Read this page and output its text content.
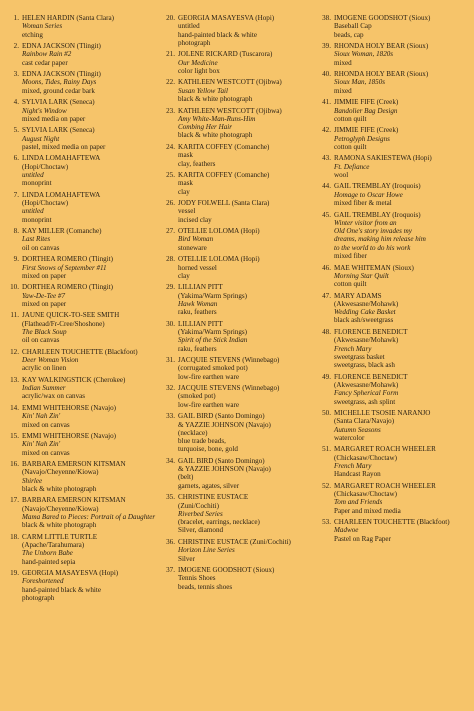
1. HELEN HARDIN (Santa Clara)
Woman Series
etching
2. EDNA JACKSON (Tlingit)
Rainbow Rain #2
cast cedar paper
3. EDNA JACKSON (Tlingit)
Moons, Tides, Rainy Days
mixed, ground cedar bark
4. SYLVIA LARK (Seneca)
Night's Window
mixed media on paper
5. SYLVIA LARK (Seneca)
August Night
pastel, mixed media on paper
6. LINDA LOMAHAFTEWA
(Hopi/Choctaw)
untitled
monoprint
7. LINDA LOMAHAFTEWA
(Hopi/Choctaw)
untitled
monoprint
8. KAY MILLER (Comanche)
Last Rites
oil on canvas
9. DORTHEA ROMERO (Tlingit)
First Snows of September #11
mixed on paper
10. DORTHEA ROMERO (Tlingit)
Yaw-De-Tee #7
mixed on paper
11. JAUNE QUICK-TO-SEE SMITH
(Flathead/Fr-Cree/Shoshone)
The Black Soup
oil on canvas
12. CHARLEEN TOUCHETTE (Blackfoot)
Deer Woman Vision
acrylic on linen
13. KAY WALKINGSTICK (Cherokee)
Indian Summer
acrylic/wax on canvas
14. EMMI WHITEHORSE (Navajo)
Kin' Nah Zin'
mixed on canvas
15. EMMI WHITEHORSE (Navajo)
Kin' Nah Zin'
mixed on canvas
16. BARBARA EMERSON KITSMAN
(Navajo/Cheyenne/Kiowa)
Shirlee
black & white photograph
17. BARBARA EMERSON KITSMAN
(Navajo/Cheyenne/Kiowa)
Mama Bared to Pieces: Portrait of a Daughter
black & white photograph
18. CARM LITTLE TURTLE
(Apache/Tarahumara)
The Unborn Babe
hand-painted sepia
19. GEORGIA MASAYESVA (Hopi)
Foreshortened
hand-painted black & white
photograph
20. GEORGIA MASAYESVA (Hopi)
untitled
hand-painted black & white
photograph
21. JOLENE RICKARD (Tuscarora)
Our Medicine
color light box
22. KATHLEEN WESTCOTT (Ojibwa)
Susan Yellow Tail
black & white photograph
23. KATHLEEN WESTCOTT (Ojibwa)
Amy White-Man-Runs-Him
Combing Her Hair
black & white photograph
24. KARITA COFFEY (Comanche)
mask
clay, feathers
25. KARITA COFFEY (Comanche)
mask
clay
26. JODY FOLWELL (Santa Clara)
vessel
incised clay
27. OTELLIE LOLOMA (Hopi)
Bird Woman
stoneware
28. OTELLIE LOLOMA (Hopi)
horned vessel
clay
29. LILLIAN PITT
(Yakima/Warm Springs)
Hawk Woman
raku, feathers
30. LILLIAN PITT
(Yakima/Warm Springs)
Spirit of the Stick Indian
raku, feathers
31. JACQUIE STEVENS (Winnebago)
(corrugated smoked pot)
low-fire earthen ware
32. JACQUIE STEVENS (Winnebago)
(smoked pot)
low-fire earthen ware
33. GAIL BIRD (Santo Domingo)
& YAZZIE JOHNSON (Navajo)
(necklace)
blue trade beads,
turquoise, bone, gold
34. GAIL BIRD (Santo Domingo)
& YAZZIE JOHNSON (Navajo)
(belt)
garnets, agates, silver
35. CHRISTINE EUSTACE
(Zuni/Cochiti)
Riverbed Series
(bracelet, earrings, necklace)
Silver, diamond
36. CHRISTINE EUSTACE (Zuni/Cochiti)
Horizon Line Series
Silver
37. IMOGENE GOODSHOT (Sioux)
Tennis Shoes
beads, tennis shoes
38. IMOGENE GOODSHOT (Sioux)
Baseball Cap
beads, cap
39. RHONDA HOLY BEAR (Sioux)
Sioux Woman, 1820s
mixed
40. RHONDA HOLY BEAR (Sioux)
Sioux Man, 1850s
mixed
41. JIMMIE FIFE (Creek)
Bandolier Bag Design
cotton quilt
42. JIMMIE FIFE (Creek)
Petroglyph Designs
cotton quilt
43. RAMONA SAKIESTEWA (Hopi)
Ft. Defiance
wool
44. GAIL TREMBLAY (Iroquois)
Homage to Oscar Howe
mixed fiber & metal
45. GAIL TREMBLAY (Iroquois)
Winter visitor from an
Old One's story invades my
dreams, making him release him
to the world to do his work
mixed fiber
46. MAE WHITEMAN (Sioux)
Morning Star Quilt
cotton quilt
47. MARY ADAMS
(Akwesasne/Mohawk)
Wedding Cake Basket
black ash/sweetgrass
48. FLORENCE BENEDICT
(Akwesasne/Mohawk)
French Mary
sweetgrass basket
sweetgrass, black ash
49. FLORENCE BENEDICT
(Akwesasne/Mohawk)
Fancy Spherical Form
sweetgrass, ash splint
50. MICHELLE TSOSIE NARANJO
(Santa Clara/Navajo)
Autumn Seasons
watercolor
51. MARGARET ROACH WHEELER
(Chickasaw/Choctaw)
French Mary
Handcast Rayon
52. MARGARET ROACH WHEELER
(Chickasaw/Choctaw)
Tom and Friends
Paper and mixed media
53. CHARLEEN TOUCHETTE (Blackfoot)
Madwoe
Pastel on Rag Paper
